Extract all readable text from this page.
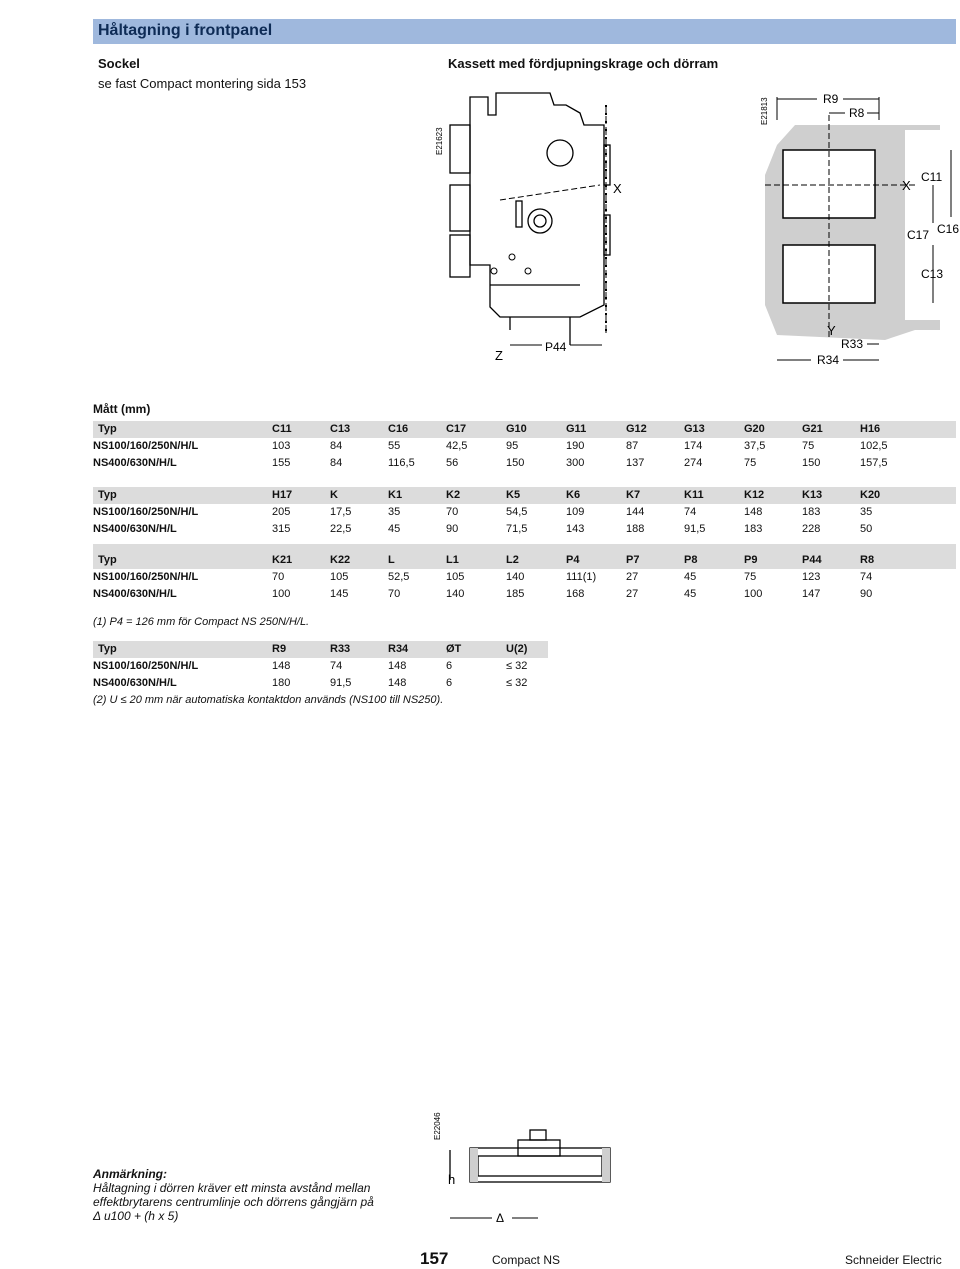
Håltagning i frontpanel
Sockel
se fast Compact montering sida 153
Kassett med fördjupningskrage och dörram
E21623
X
Z
P44
E21813	R9
R8
X
C11
C16
C17
C13
Y
R33
R34
Mått (mm)
Typ	C11	C13	C16	C17	G10	G11	G12	G13	G20	G21	H16
NS100/160/250N/H/L	103	84	55	42,5	95	190	87	174	37,5	75	102,5
NS400/630N/H/L	155	84	116,5	56	150	300	137	274	75	150	157,5
Typ	H17	K	K1	K2	K5	K6	K7	K11	K12	K13	K20
NS100/160/250N/H/L	205	17,5	35	70	54,5	109	144	74	148	183	35
NS400/630N/H/L	315	22,5	45	90	71,5	143	188	91,5	183	228	50
Typ	K21	K22	L	L1	L2	P4	P7	P8	P9	P44	R8
NS100/160/250N/H/L	70	105	52,5	105	140	111(1)	27	45	75	123	74
NS400/630N/H/L	100	145	70	140	185	168	27	45	100	147	90
(1) P4 = 126 mm för Compact NS 250N/H/L.
Typ	R9	R33	R34	ØT	U(2)
NS100/160/250N/H/L	148	74	148	6	≤ 32
NS400/630N/H/L	180	91,5	148	6	≤ 32
(2) U ≤ 20 mm när automatiska kontaktdon används (NS100 till NS250).
E22046
h
Δ
Anmärkning:
Håltagning i dörren kräver ett minsta avstånd mellan
effektbrytarens centrumlinje och dörrens gångjärn på
Δ u100 + (h x 5)
157	Compact NS	Schneider Electric
